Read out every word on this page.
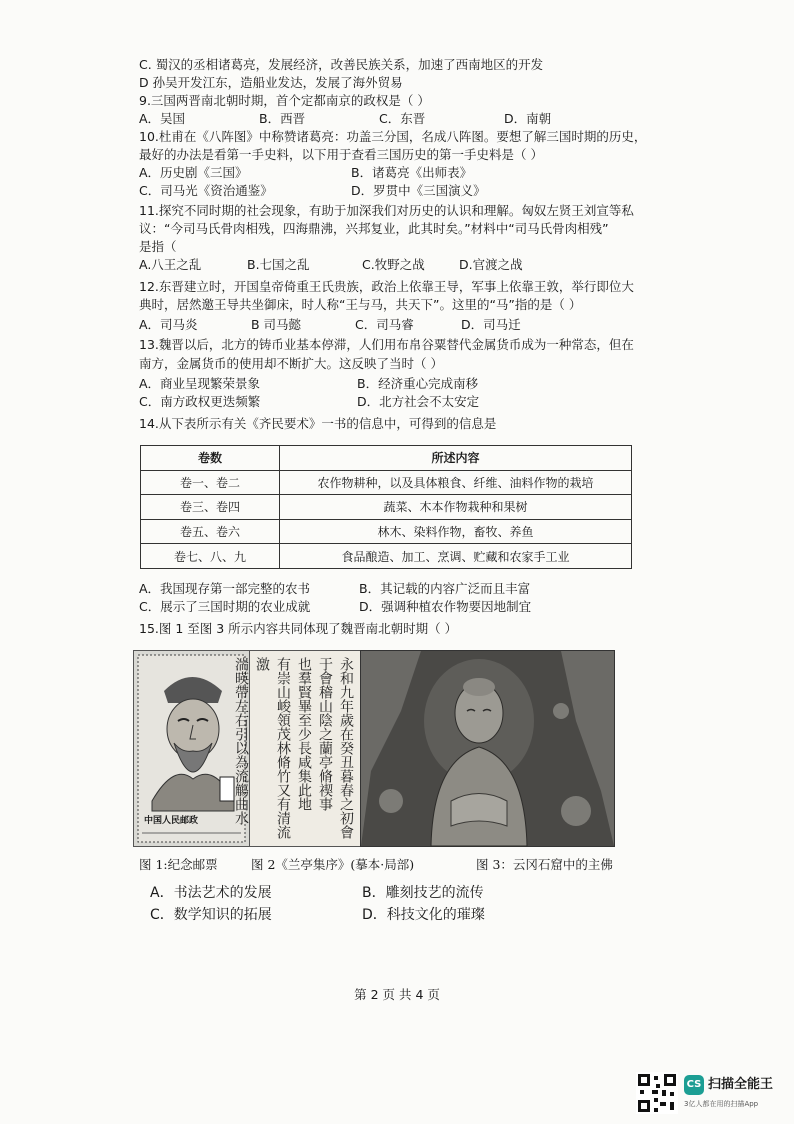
C. 蜀汉的丞相诸葛亮，发展经济，改善民族关系，加速了西南地区的开发
D 孙吴开发江东，造船业发达，发展了海外贸易
9.三国两晋南北朝时期，首个定都南京的政权是（ ）
A．吴国	B．西晋	C．东晋	D．南朝
10.杜甫在《八阵图》中称赞诸葛亮：功盖三分国，名成八阵图。要想了解三国时期的历史，
最好的办法是看第一手史料，以下用于查看三国历史的第一手史料是（ ）
A．历史剧《三国》	B．诸葛亮《出师表》
C．司马光《资治通鉴》	D．罗贯中《三国演义》
11.探究不同时期的社会现象，有助于加深我们对历史的认识和理解。匈奴左贤王刘宣等私
议：“今司马氏骨肉相残，四海鼎沸，兴邦复业，此其时矣。”材料中“司马氏骨肉相残”
是指（
A.八王之乱	B.七国之乱	C.牧野之战	D.官渡之战
12.东晋建立时，开国皇帝倚重王氏贵族，政治上依靠王导，军事上依靠王敦，举行即位大
典时，居然邀王导共坐御床，时人称“王与马，共天下”。这里的“马”指的是（ ）
A．司马炎	B 司马懿	C．司马睿	D．司马迁
13.魏晋以后，北方的铸币业基本停滞，人们用布帛谷粟替代金属货币成为一种常态，但在
南方，金属货币的使用却不断扩大。这反映了当时（ ）
A．商业呈现繁荣景象	B．经济重心完成南移
C．南方政权更迭频繁	D．北方社会不太安定
14.从下表所示有关《齐民要术》一书的信息中，可得到的信息是
卷数	所述内容
卷一、卷二	农作物耕种，以及具体粮食、纤维、油料作物的栽培
卷三、卷四	蔬菜、木本作物栽种和果树
卷五、卷六	林木、染料作物，畜牧、养鱼
卷七、八、九	食品酿造、加工、烹调、贮藏和农家手工业
A．我国现存第一部完整的农书	B．其记载的内容广泛而且丰富
C．展示了三国时期的农业成就	D．强调种植农作物要因地制宜
15.图 1 至图 3 所示内容共同体现了魏晋南北朝时期（ ）
中国人民邮政	永和九年歲在癸丑暮春之初會
于會稽山陰之蘭亭脩禊事
也羣賢畢至少長咸集此地
有崇山峻領茂林脩竹又有清流激
湍暎帶左右引以為流觴曲水
图 1:纪念邮票	图 2《兰亭集序》(摹本·局部)	图 3：云冈石窟中的主佛
A．书法艺术的发展	B．雕刻技艺的流传
C．数学知识的拓展	D．科技文化的璀璨
第 2 页 共 4 页
CS 扫描全能王
3亿人都在用的扫描App
